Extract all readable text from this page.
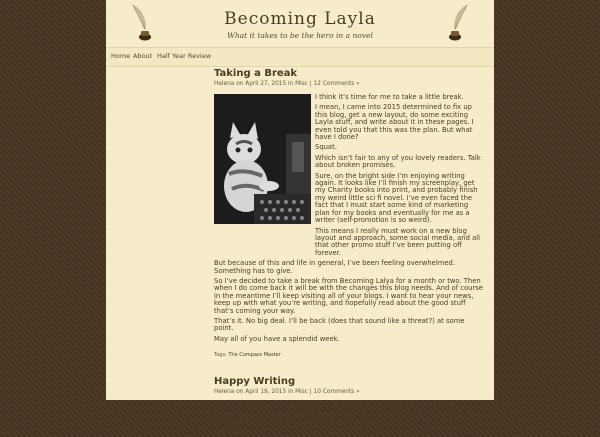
Becoming Layla
What it takes to be the hero in a novel
Home About Half Year Review
Taking a Break
Helena on April 27, 2015 in Misc | 12 Comments »

I think it’s time for me to take a little break.

I mean, I came into 2015 determined to fix up this blog, get a new layout, do some exciting Layla stuff, and write about it in these pages. I even told you that this was the plan. But what have I done?

Squat.

Which isn’t fair to any of you lovely readers. Talk about broken promises.

Sure, on the bright side I’m enjoying writing again. It looks like I’ll finish my screenplay, get my Charity books into print, and probably finish my weird little sci fi novel. I’ve even faced the fact that I must start some kind of marketing plan for my books and eventually for me as a writer (self-promotion is so weird).

This means I really must work on a new blog layout and approach, some social media, and all that other promo stuff I’ve been putting off forever.

But because of this and life in general, I’ve been feeling overwhelmed. Something has to give.

So I’ve decided to take a break from Becoming Lalya for a month or two. Then when I do come back it will be with the changes this blog needs. And of course in the meantime I’ll keep visiting all of your blogs. I want to hear your news, keep up with what you’re writing, and hopefully read about the good stuff that’s coming your way.

That’s it. No big deal. I’ll be back (does that sound like a threat?) at some point.

May all of you have a splendid week.

Tags: The Compass Master
Happy Writing
Helena on April 19, 2015 in Misc | 10 Comments »

I’ve got nothing exciting to report this week. Or even barely interesting.

Didn’t do much ‘cause I was under the weather the last couple weekdays and this whole weekend. Not really sick. Just run down .

HOWEVER
